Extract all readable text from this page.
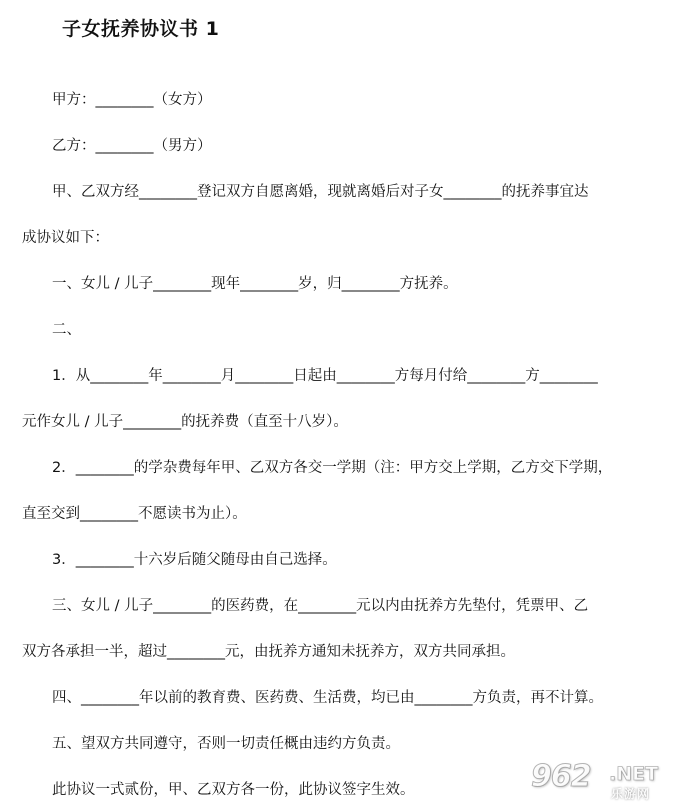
子女抚养协议书 1
甲方：________（女方）
乙方：________（男方）
甲、乙双方经________登记双方自愿离婚，现就离婚后对子女________的抚养事宜达
成协议如下：
一、女儿 / 儿子________现年________岁，归________方抚养。
二、
1．从________年________月________日起由________方每月付给________方________
元作女儿 / 儿子________的抚养费（直至十八岁）。
2．________的学杂费每年甲、乙双方各交一学期（注：甲方交上学期，乙方交下学期，
直至交到________不愿读书为止）。
3．________十六岁后随父随母由自己选择。
三、女儿 / 儿子________的医药费，在________元以内由抚养方先垫付，凭票甲、乙
双方各承担一半，超过________元，由抚养方通知未抚养方，双方共同承担。
四、________年以前的教育费、医药费、生活费，均已由________方负责，再不计算。
五、望双方共同遵守，否则一切责任概由违约方负责。
此协议一式贰份，甲、乙双方各一份，此协议签字生效。	962 .NET
乐游网
